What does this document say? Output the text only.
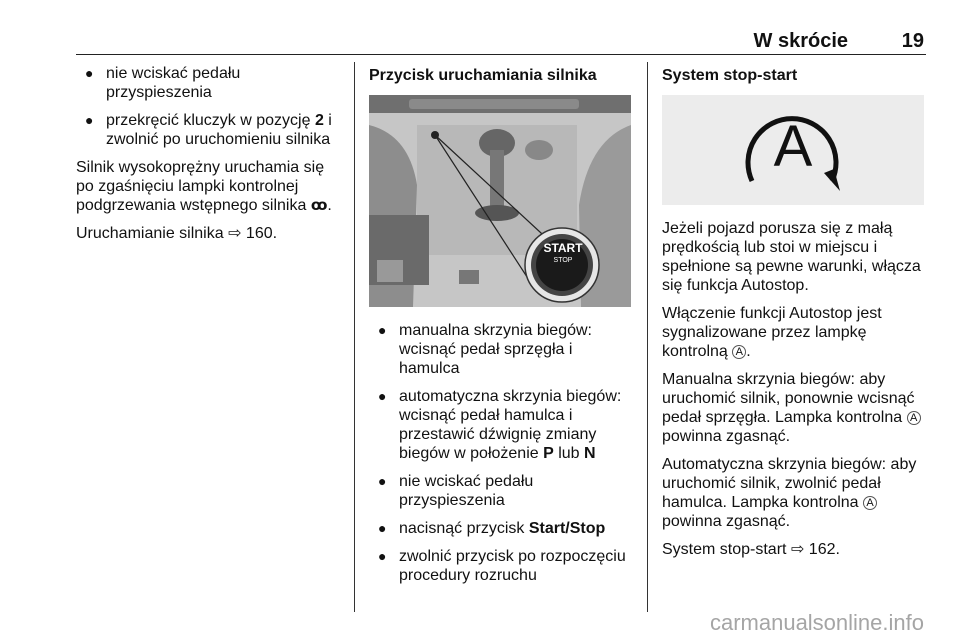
W skrócie	19
● nie wciskać pedału przyspieszenia
● przekręcić kluczyk w pozycję 2 i zwolnić po uruchomieniu silnika

Silnik wysokoprężny uruchamia się po zgaśnięciu lampki kontrolnej podgrzewania wstępnego silnika ꝏ.

Uruchamianie silnika ⇨ 160.

Przycisk uruchamiania silnika
START
STOP
● manualna skrzynia biegów: wcisnąć pedał sprzęgła i hamulca
● automatyczna skrzynia biegów: wcisnąć pedał hamulca i przestawić dźwignię zmiany biegów w położenie P lub N
● nie wciskać pedału przyspieszenia
● nacisnąć przycisk Start/Stop
● zwolnić przycisk po rozpoczęciu procedury rozruchu
System stop-start
A

Jeżeli pojazd porusza się z małą prędkością lub stoi w miejscu i spełnione są pewne warunki, włącza się funkcja Autostop.

Włączenie funkcji Autostop jest sygnalizowane przez lampkę kontrolną A .

Manualna skrzynia biegów: aby uruchomić silnik, ponownie wcisnąć pedał sprzęgła. Lampka kontrolna A powinna zgasnąć.

Automatyczna skrzynia biegów: aby uruchomić silnik, zwolnić pedał hamulca. Lampka kontrolna A powinna zgasnąć.

System stop-start ⇨ 162.

carmanualsonline.info
